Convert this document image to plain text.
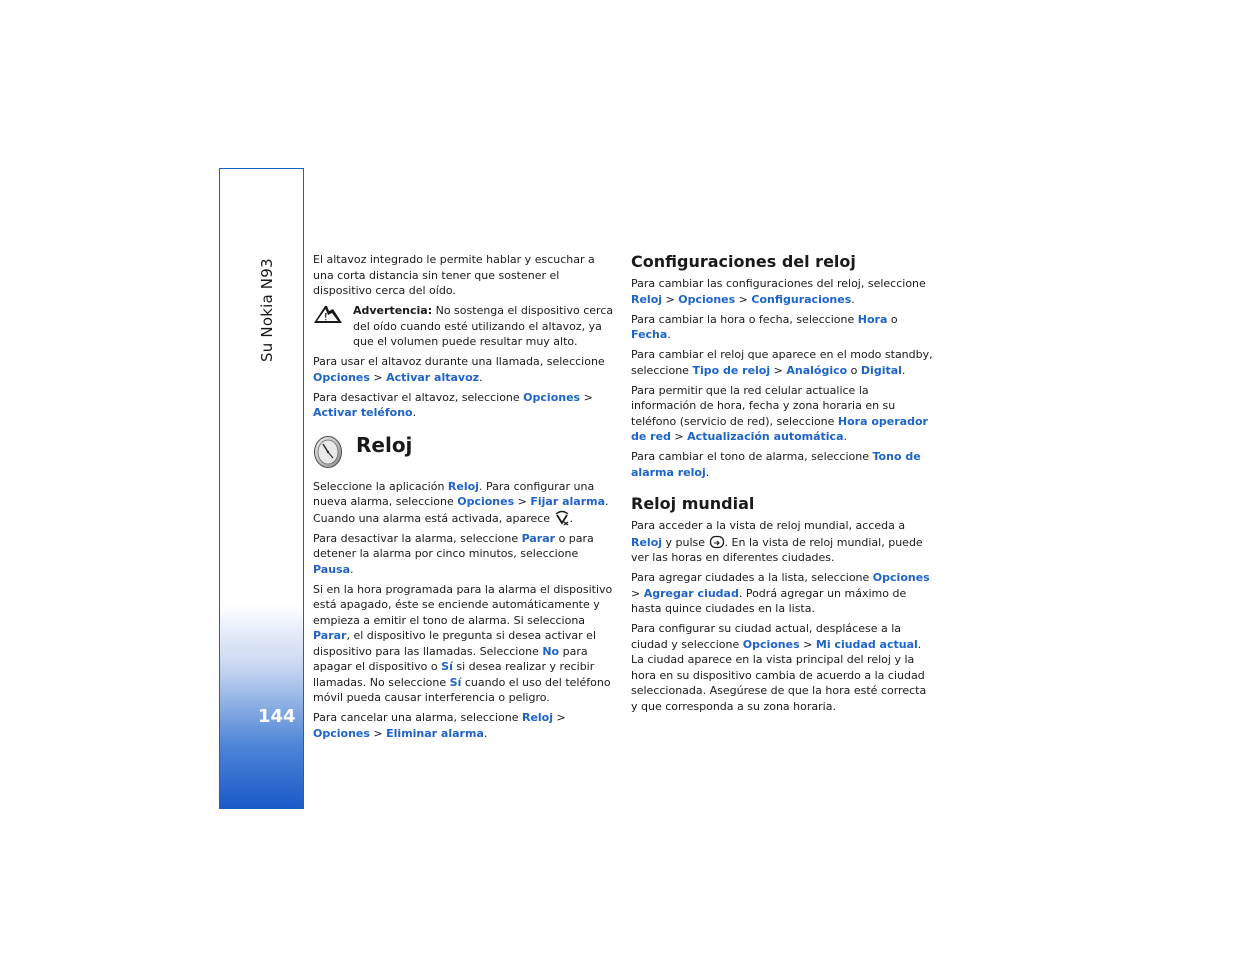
Su Nokia N93
144

El altavoz integrado le permite hablar y escuchar a una corta distancia sin tener que sostener el dispositivo cerca del oído.

Advertencia: No sostenga el dispositivo cerca del oído cuando esté utilizando el altavoz, ya que el volumen puede resultar muy alto.

Para usar el altavoz durante una llamada, seleccione Opciones > Activar altavoz.

Para desactivar el altavoz, seleccione Opciones > Activar teléfono.

Reloj

Seleccione la aplicación Reloj. Para configurar una nueva alarma, seleccione Opciones > Fijar alarma. Cuando una alarma está activada, aparece .

Para desactivar la alarma, seleccione Parar o para detener la alarma por cinco minutos, seleccione Pausa.

Si en la hora programada para la alarma el dispositivo está apagado, éste se enciende automáticamente y empieza a emitir el tono de alarma. Si selecciona Parar, el dispositivo le pregunta si desea activar el dispositivo para las llamadas. Seleccione No para apagar el dispositivo o Sí si desea realizar y recibir llamadas. No seleccione Sí cuando el uso del teléfono móvil pueda causar interferencia o peligro.

Para cancelar una alarma, seleccione Reloj > Opciones > Eliminar alarma.

Configuraciones del reloj

Para cambiar las configuraciones del reloj, seleccione Reloj > Opciones > Configuraciones.

Para cambiar la hora o fecha, seleccione Hora o Fecha.

Para cambiar el reloj que aparece en el modo standby, seleccione Tipo de reloj > Analógico o Digital.

Para permitir que la red celular actualice la información de hora, fecha y zona horaria en su teléfono (servicio de red), seleccione Hora operador de red > Actualización automática.

Para cambiar el tono de alarma, seleccione Tono de alarma reloj.

Reloj mundial

Para acceder a la vista de reloj mundial, acceda a Reloj y pulse . En la vista de reloj mundial, puede ver las horas en diferentes ciudades.

Para agregar ciudades a la lista, seleccione Opciones > Agregar ciudad. Podrá agregar un máximo de hasta quince ciudades en la lista.

Para configurar su ciudad actual, desplácese a la ciudad y seleccione Opciones > Mi ciudad actual. La ciudad aparece en la vista principal del reloj y la hora en su dispositivo cambia de acuerdo a la ciudad seleccionada. Asegúrese de que la hora esté correcta y que corresponda a su zona horaria.
